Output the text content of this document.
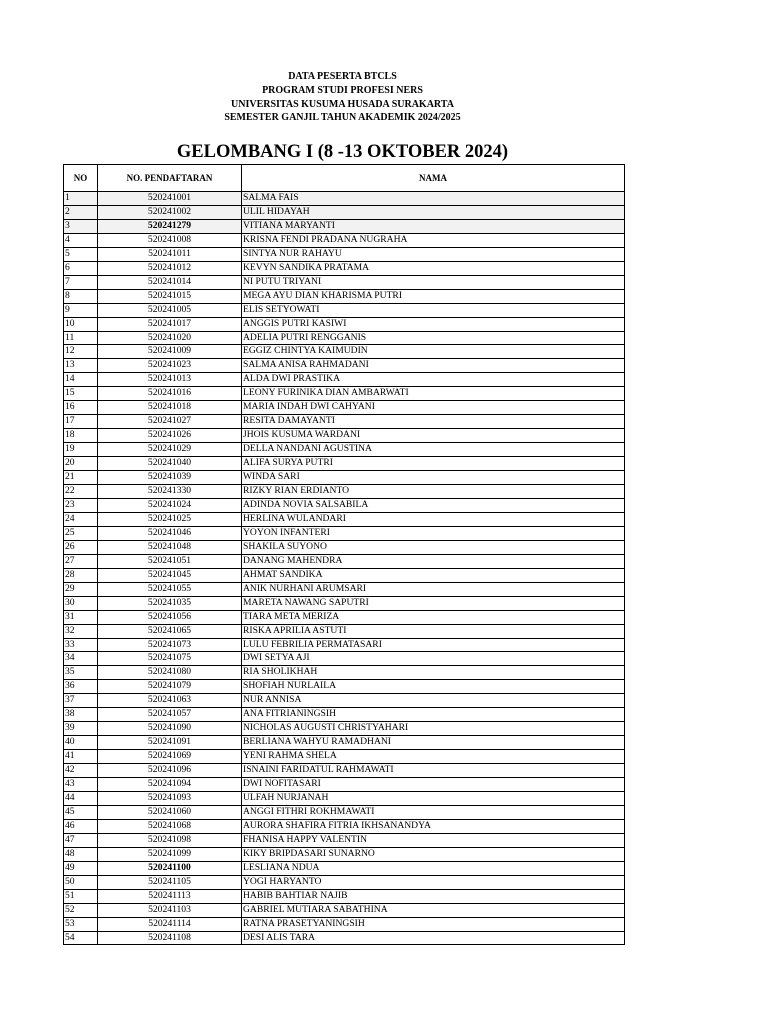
DATA PESERTA BTCLS
PROGRAM STUDI PROFESI NERS
UNIVERSITAS KUSUMA HUSADA SURAKARTA
SEMESTER GANJIL TAHUN AKADEMIK 2024/2025
GELOMBANG I (8 -13 OKTOBER 2024)
NO	NO. PENDAFTARAN	NAMA
1	520241001	SALMA FAIS
2	520241002	ULIL HIDAYAH
3	520241279	VITIANA MARYANTI
4	520241008	KRISNA FENDI PRADANA NUGRAHA
5	520241011	SINTYA NUR RAHAYU
6	520241012	KEVYN SANDIKA PRATAMA
7	520241014	NI PUTU TRIYANI
8	520241015	MEGA AYU DIAN KHARISMA PUTRI
9	520241005	ELIS SETYOWATI
10	520241017	ANGGIS PUTRI KASIWI
11	520241020	ADELIA PUTRI RENGGANIS
12	520241009	EGGIZ CHINTYA KAIMUDIN
13	520241023	SALMA ANISA RAHMADANI
14	520241013	ALDA DWI PRASTIKA
15	520241016	LEONY FURINIKA DIAN AMBARWATI
16	520241018	MARIA INDAH DWI CAHYANI
17	520241027	RESITA DAMAYANTI
18	520241026	JHOIS KUSUMA WARDANI
19	520241029	DELLA NANDANI AGUSTINA
20	520241040	ALIFA SURYA PUTRI
21	520241039	WINDA SARI
22	520241330	RIZKY RIAN ERDIANTO
23	520241024	ADINDA NOVIA SALSABILA
24	520241025	HERLINA WULANDARI
25	520241046	YOYON INFANTERI
26	520241048	SHAKILA SUYONO
27	520241051	DANANG MAHENDRA
28	520241045	AHMAT SANDIKA
29	520241055	ANIK NURHANI ARUMSARI
30	520241035	MARETA NAWANG SAPUTRI
31	520241056	TIARA META MERIZA
32	520241065	RISKA APRILIA ASTUTI
33	520241073	LULU FEBRILIA PERMATASARI
34	520241075	DWI SETYA AJI
35	520241080	RIA SHOLIKHAH
36	520241079	SHOFIAH NURLAILA
37	520241063	NUR ANNISA
38	520241057	ANA FITRIANINGSIH
39	520241090	NICHOLAS AUGUSTI CHRISTYAHARI
40	520241091	BERLIANA WAHYU RAMADHANI
41	520241069	YENI RAHMA SHELA
42	520241096	ISNAINI FARIDATUL RAHMAWATI
43	520241094	DWI NOFITASARI
44	520241093	ULFAH NURJANAH
45	520241060	ANGGI FITHRI ROKHMAWATI
46	520241068	AURORA SHAFIRA FITRIA IKHSANANDYA
47	520241098	FHANISA HAPPY VALENTIN
48	520241099	KIKY BRIPDASARI SUNARNO
49	520241100	LESLIANA NDUA
50	520241105	YOGI HARYANTO
51	520241113	HABIB BAHTIAR NAJIB
52	520241103	GABRIEL MUTIARA SABATHINA
53	520241114	RATNA PRASETYANINGSIH
54	520241108	DESI ALIS TARA
